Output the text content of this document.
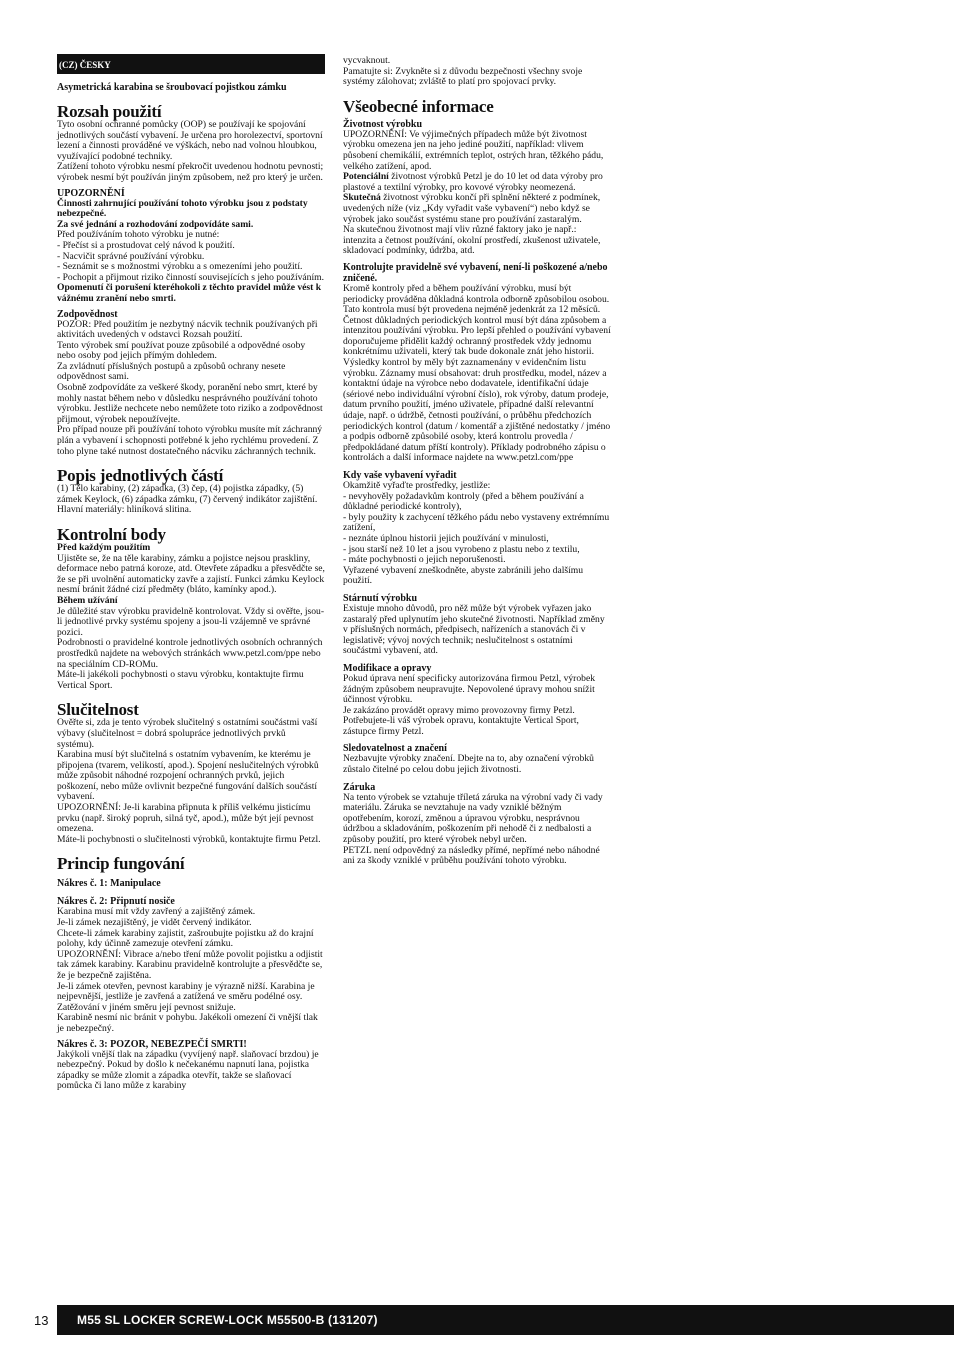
(CZ) ČESKY
Asymetrická karabina se šroubovací pojistkou zámku
Rozsah použití

Tyto osobní ochranné pomůcky (OOP) se používají ke spojování jednotlivých součástí vybavení. Je určena pro horolezectví, sportovní lezení a činnosti prováděné ve výškách, nebo nad volnou hloubkou, využívající podobné techniky.

Zatížení tohoto výrobku nesmí překročit uvedenou hodnotu pevnosti; výrobek nesmí být používán jiným způsobem, než pro který je určen.

UPOZORNĚNÍ

Činnosti zahrnující používání tohoto výrobku jsou z podstaty nebezpečné.

Za své jednání a rozhodování zodpovídáte sami.

Před používáním tohoto výrobku je nutné:

- Přečíst si a prostudovat celý návod k použití.

- Nacvičit správné používání výrobku.

- Seznámit se s možnostmi výrobku a s omezeními jeho použití.

- Pochopit a přijmout riziko činností souvisejících s jeho používáním.

Opomenutí či porušení kteréhokoli z těchto pravidel může vést k vážnému zranění nebo smrti.

Zodpovědnost

POZOR: Před použitím je nezbytný nácvik technik používaných při aktivitách uvedených v odstavci Rozsah použití.

Tento výrobek smí používat pouze způsobilé a odpovědné osoby nebo osoby pod jejich přímým dohledem.

Za zvládnutí příslušných postupů a způsobů ochrany nesete odpovědnost sami.

Osobně zodpovídáte za veškeré škody, poranění nebo smrt, které by mohly nastat během nebo v důsledku nesprávného používání tohoto výrobku. Jestliže nechcete nebo nemůžete toto riziko a zodpovědnost přijmout, výrobek nepoužívejte.

Pro případ nouze při používání tohoto výrobku musíte mít záchranný plán a vybavení i schopnosti potřebné k jeho rychlému provedení. Z toho plyne také nutnost dostatečného nácviku záchranných technik.

Popis jednotlivých částí

(1) Tělo karabiny, (2) západka, (3) čep, (4) pojistka západky, (5) zámek Keylock, (6) západka zámku, (7) červený indikátor zajištění.

Hlavní materiály: hliníková slitina.

Kontrolní body

Před každým použitím

Ujistěte se, že na těle karabiny, zámku a pojistce nejsou praskliny, deformace nebo patrná koroze, atd. Otevřete západku a přesvědčte se, že se při uvolnění automaticky zavře a zajistí. Funkci zámku Keylock nesmí bránit žádné cizí předměty (bláto, kamínky apod.).

Během užívání

Je důležité stav výrobku pravidelně kontrolovat. Vždy si ověřte, jsou-li jednotlivé prvky systému spojeny a jsou-li vzájemně ve správné pozici.

Podrobnosti o pravidelné kontrole jednotlivých osobních ochranných prostředků najdete na webových stránkách www.petzl.com/ppe nebo na speciálním CD-ROMu.

Máte-li jakékoli pochybnosti o stavu výrobku, kontaktujte firmu Vertical Sport.

Slučitelnost

Ověřte si, zda je tento výrobek slučitelný s ostatními součástmi vaší výbavy (slučitelnost = dobrá spolupráce jednotlivých prvků systému).

Karabina musí být slučitelná s ostatním vybavením, ke kterému je připojena (tvarem, velikostí, apod.). Spojení neslučitelných výrobků může způsobit náhodné rozpojení ochranných prvků, jejich poškození, nebo může ovlivnit bezpečné fungování dalších součástí vybavení.

UPOZORNĚNÍ: Je-li karabina připnuta k příliš velkému jisticímu prvku (např. široký popruh, silná tyč, apod.), může být její pevnost omezena.

Máte-li pochybnosti o slučitelnosti výrobků, kontaktujte firmu Petzl.

Princip fungování
Nákres č. 1: Manipulace
Nákres č. 2: Připnutí nosiče

Karabina musí mít vždy zavřený a zajištěný zámek.

Je-li zámek nezajištěný, je vidět červený indikátor.

Chcete-li zámek karabiny zajistit, zašroubujte pojistku až do krajní polohy, kdy účinně zamezuje otevření zámku.

UPOZORNĚNÍ: Vibrace a/nebo tření může povolit pojistku a odjistit tak zámek karabiny. Karabinu pravidelně kontrolujte a přesvědčte se, že je bezpečně zajištěna.

Je-li zámek otevřen, pevnost karabiny je výrazně nižší. Karabina je nejpevnější, jestliže je zavřená a zatížená ve směru podélné osy. Zatěžování v jiném směru její pevnost snižuje.

Karabině nesmí nic bránit v pohybu. Jakékoli omezení či vnější tlak je nebezpečný.

Nákres č. 3: POZOR, NEBEZPEČÍ SMRTI!

Jakýkoli vnější tlak na západku (vyvíjený např. slaňovací brzdou) je nebezpečný. Pokud by došlo k nečekanému napnutí lana, pojistka západky se může zlomit a západka otevřít, takže se slaňovací pomůcka či lano může z karabiny

vycvaknout.

Pamatujte si: Zvykněte si z důvodu bezpečnosti všechny svoje systémy zálohovat; zvláště to platí pro spojovací prvky.

Všeobecné informace
Životnost výrobku

UPOZORNĚNÍ: Ve výjimečných případech může být životnost výrobku omezena jen na jeho jediné použití, například: vlivem působení chemikálií, extrémních teplot, ostrých hran, těžkého pádu, velkého zatížení, apod.

Potenciální životnost výrobků Petzl je do 10 let od data výroby pro plastové a textilní výrobky, pro kovové výrobky neomezená.

Skutečná životnost výrobku končí při splnění některé z podmínek, uvedených níže (viz „Kdy vyřadit vaše vybavení“) nebo když se výrobek jako součást systému stane pro používání zastaralým.

Na skutečnou životnost mají vliv různé faktory jako je např.: intenzita a četnost používání, okolní prostředí, zkušenost uživatele, skladovací podmínky, údržba, atd.

Kontrolujte pravidelně své vybavení, není-li poškozené a/nebo zničené.

Kromě kontroly před a během používání výrobku, musí být periodicky prováděna důkladná kontrola odborně způsobilou osobou. Tato kontrola musí být provedena nejméně jedenkrát za 12 měsíců. Četnost důkladných periodických kontrol musí být dána způsobem a intenzitou používání výrobku. Pro lepší přehled o používání vybavení doporučujeme přidělit každý ochranný prostředek vždy jednomu konkrétnímu uživateli, který tak bude dokonale znát jeho historii. Výsledky kontrol by měly být zaznamenány v evidenčním listu výrobku. Záznamy musí obsahovat: druh prostředku, model, název a kontaktní údaje na výrobce nebo dodavatele, identifikační údaje (sériové nebo individuální výrobní číslo), rok výroby, datum prodeje, datum prvního použití, jméno uživatele, případné další relevantní údaje, např. o údržbě, četnosti používání, o průběhu předchozích periodických kontrol (datum / komentář a zjištěné nedostatky / jméno a podpis odborně způsobilé osoby, která kontrolu provedla / předpokládané datum příští kontroly). Příklady podrobného zápisu o kontrolách a další informace najdete na www.petzl.com/ppe

Kdy vaše vybavení vyřadit

Okamžitě vyřaďte prostředky, jestliže:

- nevyhověly požadavkům kontroly (před a během používání a důkladné periodické kontroly),

- byly použity k zachycení těžkého pádu nebo vystaveny extrémnímu zatížení,

- neznáte úplnou historii jejich používání v minulosti,

- jsou starší než 10 let a jsou vyrobeno z plastu nebo z textilu,

- máte pochybnosti o jejich neporušenosti.

Vyřazené vybavení zneškodněte, abyste zabránili jeho dalšímu použití.

Stárnutí výrobku

Existuje mnoho důvodů, pro něž může být výrobek vyřazen jako zastaralý před uplynutím jeho skutečné životnosti. Například změny v příslušných normách, předpisech, nařízeních a stanovách či v legislativě; vývoj nových technik; neslučitelnost s ostatními součástmi vybavení, atd.

Modifikace a opravy

Pokud úprava není specificky autorizována firmou Petzl, výrobek žádným způsobem neupravujte. Nepovolené úpravy mohou snížit účinnost výrobku.

Je zakázáno provádět opravy mimo provozovny firmy Petzl. Potřebujete-li váš výrobek opravu, kontaktujte Vertical Sport, zástupce firmy Petzl.

Sledovatelnost a značení

Nezbavujte výrobky značení. Dbejte na to, aby označení výrobků zůstalo čitelné po celou dobu jejich životnosti.

Záruka

Na tento výrobek se vztahuje tříletá záruka na výrobní vady či vady materiálu. Záruka se nevztahuje na vady vzniklé běžným opotřebením, korozí, změnou a úpravou výrobku, nesprávnou údržbou a skladováním, poškozením při nehodě či z nedbalosti a způsoby použití, pro které výrobek nebyl určen.

PETZL není odpovědný za následky přímé, nepřímé nebo náhodné ani za škody vzniklé v průběhu používání tohoto výrobku.

13	M55 SL LOCKER SCREW-LOCK M55500-B (131207)
